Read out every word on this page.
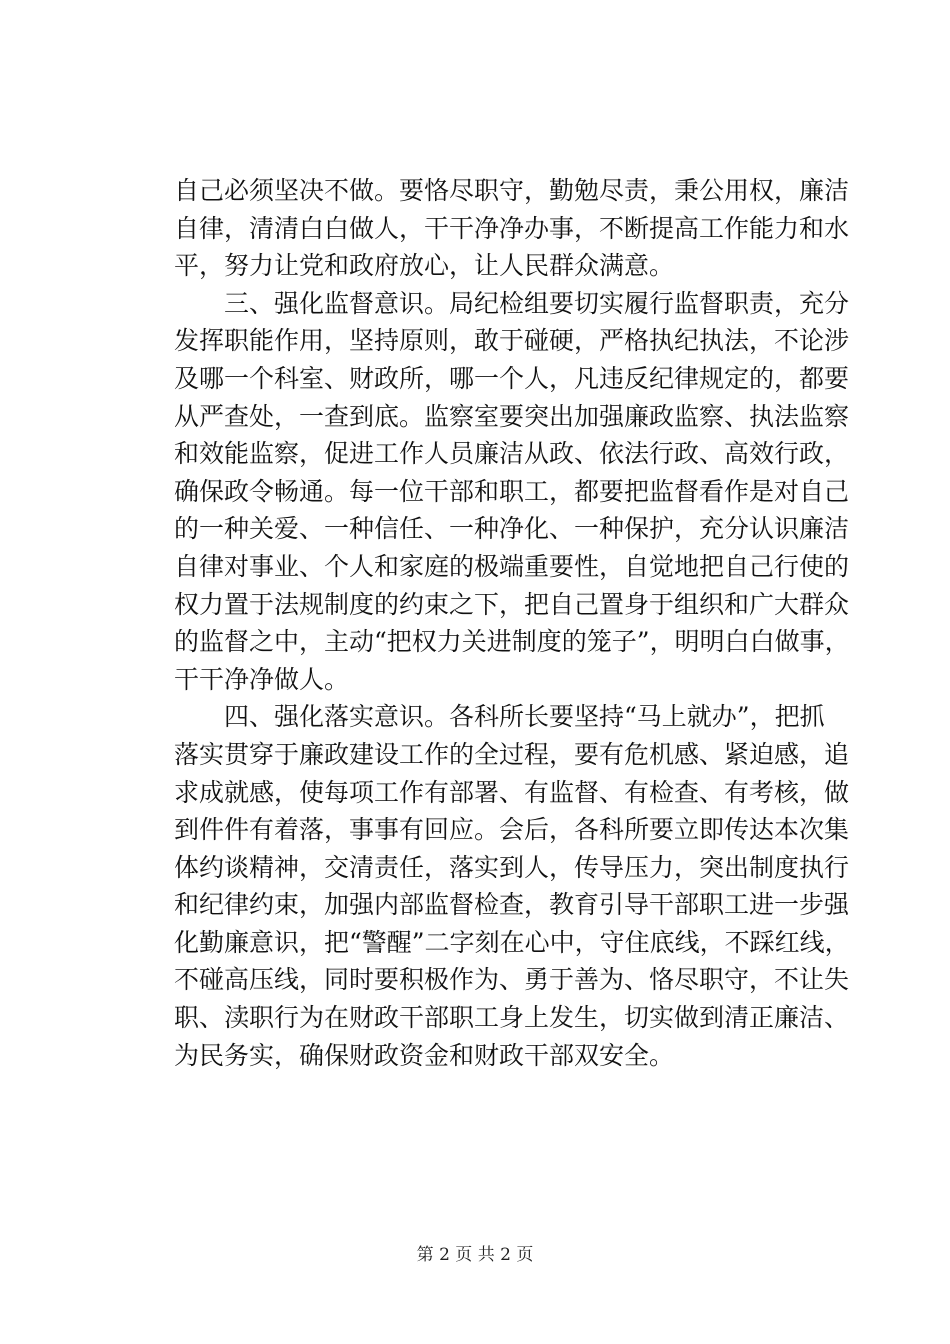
自己必须坚决不做。要恪尽职守，勤勉尽责，秉公用权，廉洁
自律，清清白白做人，干干净净办事，不断提高工作能力和水
平，努力让党和政府放心，让人民群众满意。
　　三、强化监督意识。局纪检组要切实履行监督职责，充分
发挥职能作用，坚持原则，敢于碰硬，严格执纪执法，不论涉
及哪一个科室、财政所，哪一个人，凡违反纪律规定的，都要
从严查处，一查到底。监察室要突出加强廉政监察、执法监察
和效能监察，促进工作人员廉洁从政、依法行政、高效行政，
确保政令畅通。每一位干部和职工，都要把监督看作是对自己
的一种关爱、一种信任、一种净化、一种保护，充分认识廉洁
自律对事业、个人和家庭的极端重要性，自觉地把自己行使的
权力置于法规制度的约束之下，把自己置身于组织和广大群众
的监督之中，主动“把权力关进制度的笼子”，明明白白做事，
干干净净做人。
　　四、强化落实意识。各科所长要坚持“马上就办”，把抓
落实贯穿于廉政建设工作的全过程，要有危机感、紧迫感，追
求成就感，使每项工作有部署、有监督、有检查、有考核，做
到件件有着落，事事有回应。会后，各科所要立即传达本次集
体约谈精神，交清责任，落实到人，传导压力，突出制度执行
和纪律约束，加强内部监督检查，教育引导干部职工进一步强
化勤廉意识，把“警醒”二字刻在心中，守住底线，不踩红线，
不碰高压线，同时要积极作为、勇于善为、恪尽职守，不让失
职、渎职行为在财政干部职工身上发生，切实做到清正廉洁、
为民务实，确保财政资金和财政干部双安全。
第 2 页 共 2 页
